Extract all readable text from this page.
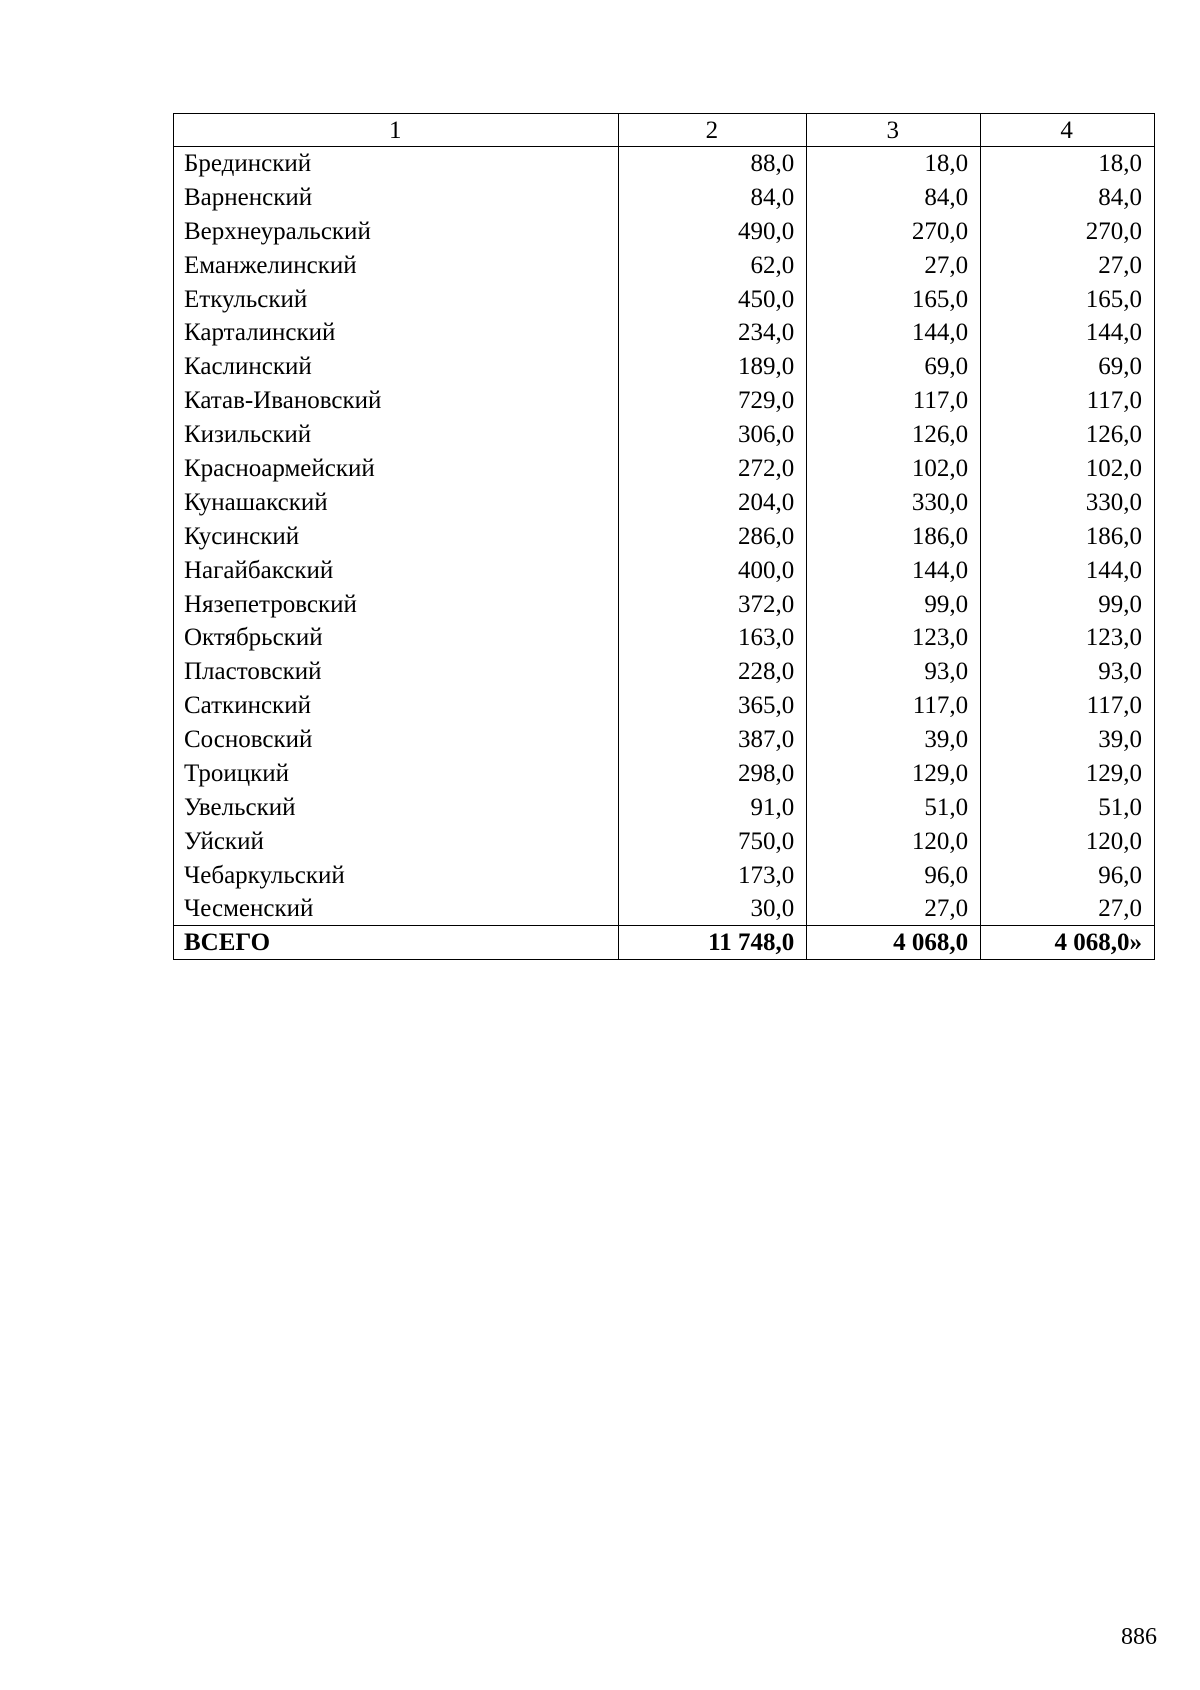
1	2	3	4
Брединский	88,0	18,0	18,0
Варненский	84,0	84,0	84,0
Верхнеуральский	490,0	270,0	270,0
Еманжелинский	62,0	27,0	27,0
Еткульский	450,0	165,0	165,0
Карталинский	234,0	144,0	144,0
Каслинский	189,0	69,0	69,0
Катав-Ивановский	729,0	117,0	117,0
Кизильский	306,0	126,0	126,0
Красноармейский	272,0	102,0	102,0
Кунашакский	204,0	330,0	330,0
Кусинский	286,0	186,0	186,0
Нагайбакский	400,0	144,0	144,0
Нязепетровский	372,0	99,0	99,0
Октябрьский	163,0	123,0	123,0
Пластовский	228,0	93,0	93,0
Саткинский	365,0	117,0	117,0
Сосновский	387,0	39,0	39,0
Троицкий	298,0	129,0	129,0
Увельский	91,0	51,0	51,0
Уйский	750,0	120,0	120,0
Чебаркульский	173,0	96,0	96,0
Чесменский	30,0	27,0	27,0
ВСЕГО	11 748,0	4 068,0	4 068,0»
886
